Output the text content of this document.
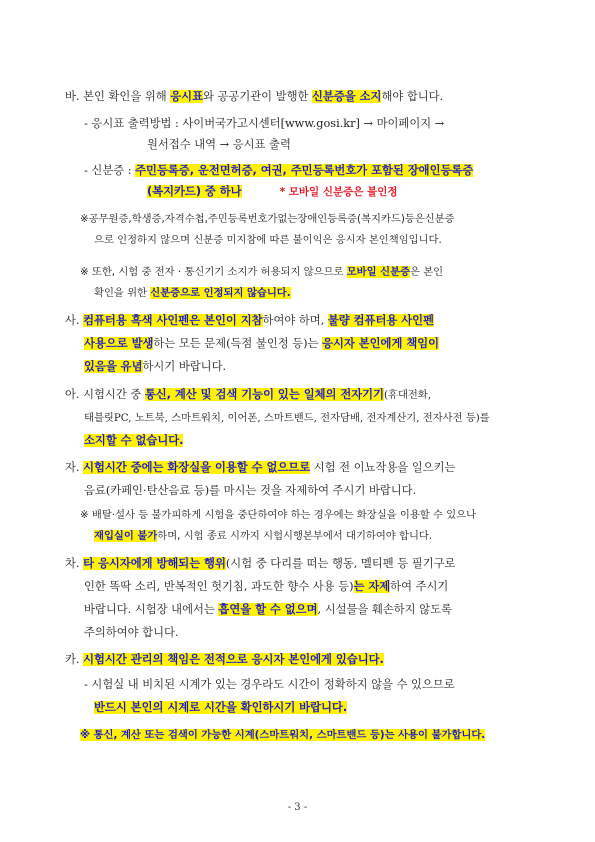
바. 본인 확인을 위해 응시표와 공공기관이 발행한 신분증을 소지해야 합니다.
- 응시표 출력방법 : 사이버국가고시센터[www.gosi.kr] → 마이페이지 →
원서접수 내역 → 응시표 출력
- 신분증 : 주민등록증, 운전면허증, 여권, 주민등록번호가 포함된 장애인등록증
(복지카드) 중 하나	* 모바일 신분증은 불인정
※공무원증,학생증,자격수첩,주민등록번호가없는장애인등록증(복지카드)등은신분증
으로 인정하지 않으며 신분증 미지참에 따른 불이익은 응시자 본인책임입니다.
※ 또한, 시험 중 전자 · 통신기기 소지가 허용되지 않으므로 모바일 신분증은 본인
확인을 위한 신분증으로 인정되지 않습니다.
사. 컴퓨터용 흑색 사인펜은 본인이 지참하여야 하며, 불량 컴퓨터용 사인펜
사용으로 발생하는 모든 문제(득점 불인정 등)는 응시자 본인에게 책임이
있음을 유념하시기 바랍니다.
아. 시험시간 중 통신, 계산 및 검색 기능이 있는 일체의 전자기기(휴대전화,
태블릿PC, 노트북, 스마트워치, 이어폰, 스마트밴드, 전자담배, 전자계산기, 전자사전 등)를
소지할 수 없습니다.
자. 시험시간 중에는 화장실을 이용할 수 없으므로 시험 전 이뇨작용을 일으키는
음료(카페인·탄산음료 등)를 마시는 것을 자제하여 주시기 바랍니다.
※ 배탈·설사 등 불가피하게 시험을 중단하여야 하는 경우에는 화장실을 이용할 수 있으나
재입실이 불가하며, 시험 종료 시까지 시험시행본부에서 대기하여야 합니다.
차. 타 응시자에게 방해되는 행위(시험 중 다리를 떠는 행동, 멜티펜 등 필기구로
인한 똑딱 소리, 반복적인 헛기침, 과도한 향수 사용 등)는 자제하여 주시기
바랍니다. 시험장 내에서는 흡연을 할 수 없으며, 시설물을 훼손하지 않도록
주의하여야 합니다.
카. 시험시간 관리의 책임은 전적으로 응시자 본인에게 있습니다.
- 시험실 내 비치된 시계가 있는 경우라도 시간이 정확하지 않을 수 있으므로
반드시 본인의 시계로 시간을 확인하시기 바랍니다.
※ 통신, 계산 또는 검색이 가능한 시계(스마트워치, 스마트밴드 등)는 사용이 불가합니다.
- 3 -
